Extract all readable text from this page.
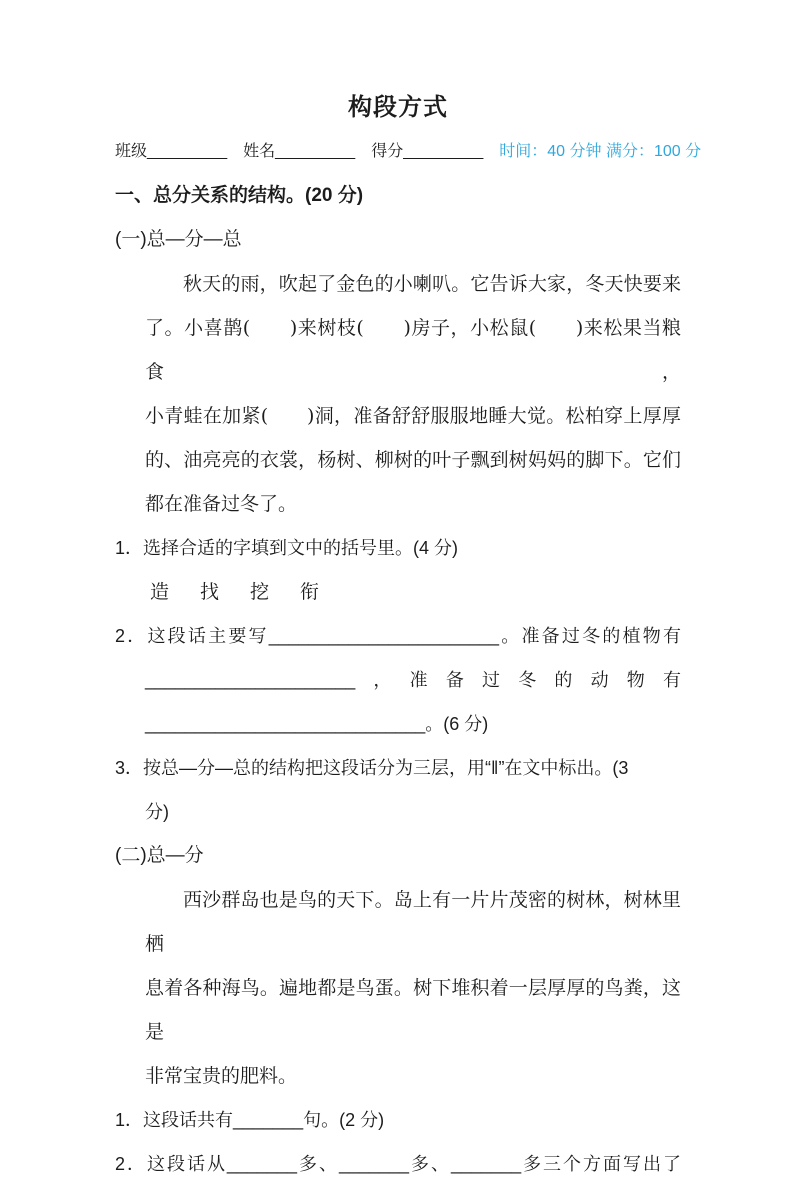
构段方式
班级_________ 姓名_________ 得分_________ 时间：40 分钟 满分：100 分
一、总分关系的结构。(20 分)
(一)总—分—总
秋天的雨，吹起了金色的小喇叭。它告诉大家，冬天快要来
了。小喜鹊(　　)来树枝(　　)房子，小松鼠(　　)来松果当粮食，
小青蛙在加紧(　　)洞，准备舒舒服服地睡大觉。松柏穿上厚厚
的、油亮亮的衣裳，杨树、柳树的叶子飘到树妈妈的脚下。它们
都在准备过冬了。
1．选择合适的字填到文中的括号里。(4 分)
造　找　挖　衔
2．这段话主要写_______________________。准备过冬的植物有
_____________________，准备过冬的动物有
____________________________。(6 分)
3．按总—分—总的结构把这段话分为三层，用“‖”在文中标出。(3
分)
(二)总—分
西沙群岛也是鸟的天下。岛上有一片片茂密的树林，树林里栖
息着各种海鸟。遍地都是鸟蛋。树下堆积着一层厚厚的鸟粪，这是
非常宝贵的肥料。
1．这段话共有_______句。(2 分)
2．这段话从_______多、_______多、_______多三个方面写出了
